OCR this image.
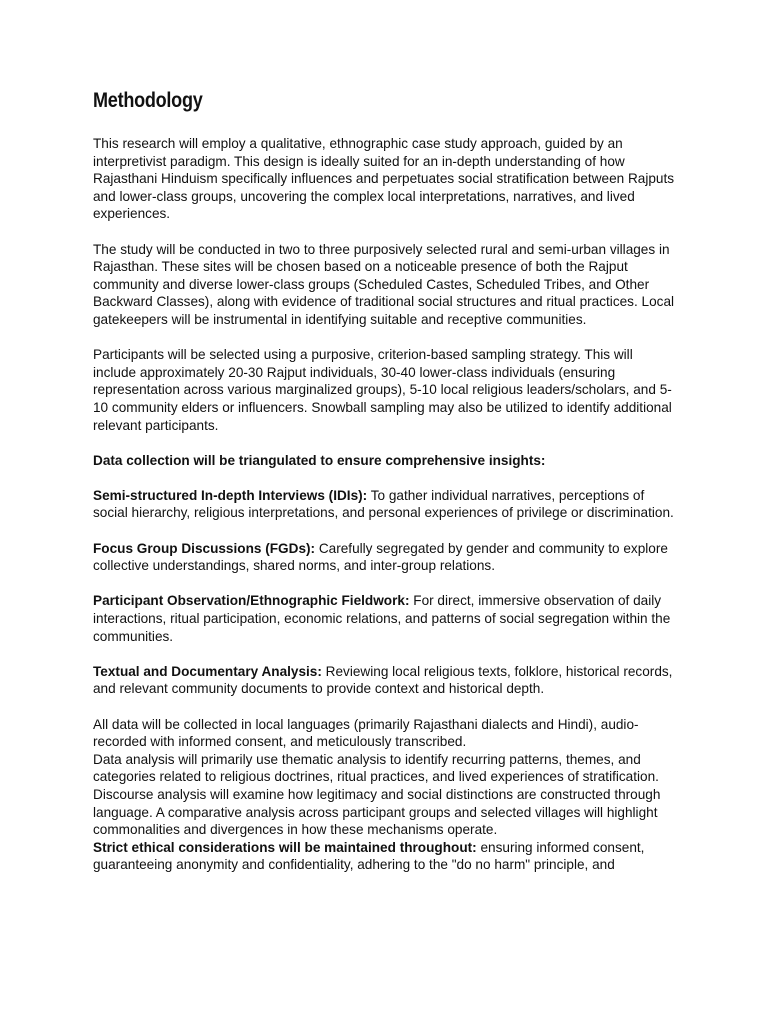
Methodology

This research will employ a qualitative, ethnographic case study approach, guided by an interpretivist paradigm. This design is ideally suited for an in-depth understanding of how Rajasthani Hinduism specifically influences and perpetuates social stratification between Rajputs and lower-class groups, uncovering the complex local interpretations, narratives, and lived experiences.

The study will be conducted in two to three purposively selected rural and semi-urban villages in Rajasthan. These sites will be chosen based on a noticeable presence of both the Rajput community and diverse lower-class groups (Scheduled Castes, Scheduled Tribes, and Other Backward Classes), along with evidence of traditional social structures and ritual practices. Local gatekeepers will be instrumental in identifying suitable and receptive communities.

Participants will be selected using a purposive, criterion-based sampling strategy. This will include approximately 20-30 Rajput individuals, 30-40 lower-class individuals (ensuring representation across various marginalized groups), 5-10 local religious leaders/scholars, and 5-10 community elders or influencers. Snowball sampling may also be utilized to identify additional relevant participants.

Data collection will be triangulated to ensure comprehensive insights:

Semi-structured In-depth Interviews (IDIs): To gather individual narratives, perceptions of social hierarchy, religious interpretations, and personal experiences of privilege or discrimination.

Focus Group Discussions (FGDs): Carefully segregated by gender and community to explore collective understandings, shared norms, and inter-group relations.

Participant Observation/Ethnographic Fieldwork: For direct, immersive observation of daily interactions, ritual participation, economic relations, and patterns of social segregation within the communities.

Textual and Documentary Analysis: Reviewing local religious texts, folklore, historical records, and relevant community documents to provide context and historical depth.

All data will be collected in local languages (primarily Rajasthani dialects and Hindi), audio-recorded with informed consent, and meticulously transcribed.

Data analysis will primarily use thematic analysis to identify recurring patterns, themes, and categories related to religious doctrines, ritual practices, and lived experiences of stratification. Discourse analysis will examine how legitimacy and social distinctions are constructed through language. A comparative analysis across participant groups and selected villages will highlight commonalities and divergences in how these mechanisms operate.

Strict ethical considerations will be maintained throughout: ensuring informed consent, guaranteeing anonymity and confidentiality, adhering to the "do no harm" principle, and
